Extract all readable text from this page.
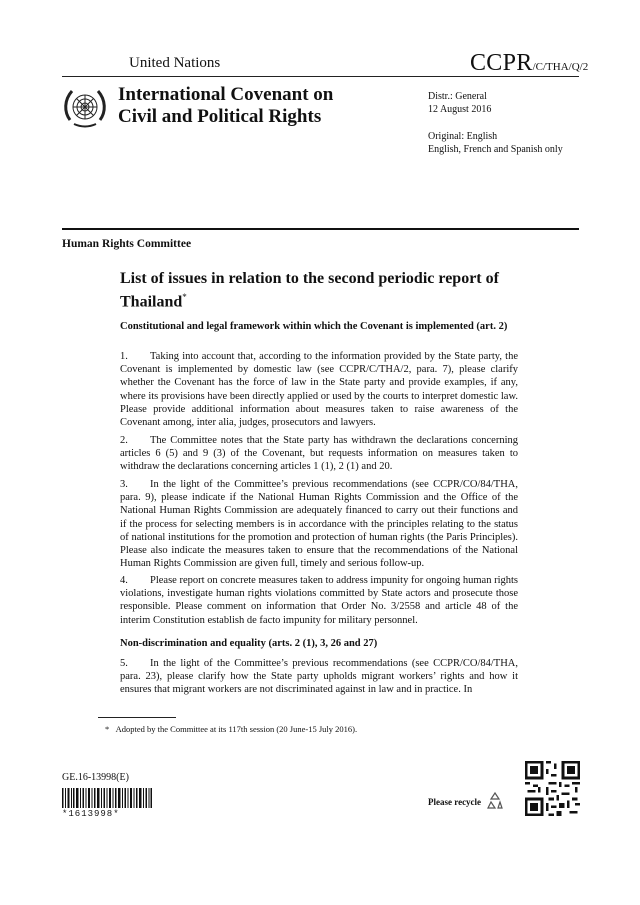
United Nations	CCPR/C/THA/Q/2
International Covenant on
Civil and Political Rights
Distr.: General
12 August 2016
Original: English
English, French and Spanish only
Human Rights Committee
List of issues in relation to the second periodic report of Thailand*
Constitutional and legal framework within which the Covenant is implemented (art. 2)
1. Taking into account that, according to the information provided by the State party, the Covenant is implemented by domestic law (see CCPR/C/THA/2, para. 7), please clarify whether the Covenant has the force of law in the State party and provide examples, if any, where its provisions have been directly applied or used by the courts to interpret domestic law. Please provide additional information about measures taken to raise awareness of the Covenant among, inter alia, judges, prosecutors and lawyers.
2. The Committee notes that the State party has withdrawn the declarations concerning articles 6 (5) and 9 (3) of the Covenant, but requests information on measures taken to withdraw the declarations concerning articles 1 (1), 2 (1) and 20.
3. In the light of the Committee’s previous recommendations (see CCPR/CO/84/THA, para. 9), please indicate if the National Human Rights Commission and the Office of the National Human Rights Commission are adequately financed to carry out their functions and if the process for selecting members is in accordance with the principles relating to the status of national institutions for the promotion and protection of human rights (the Paris Principles). Please also indicate the measures taken to ensure that the recommendations of the National Human Rights Commission are given full, timely and serious follow-up.
4. Please report on concrete measures taken to address impunity for ongoing human rights violations, investigate human rights violations committed by State actors and prosecute those responsible. Please comment on information that Order No. 3/2558 and article 48 of the interim Constitution establish de facto impunity for military personnel.
Non-discrimination and equality (arts. 2 (1), 3, 26 and 27)
5. In the light of the Committee’s previous recommendations (see CCPR/CO/84/THA, para. 23), please clarify how the State party upholds migrant workers’ rights and how it ensures that migrant workers are not discriminated against in law and in practice. In
* Adopted by the Committee at its 117th session (20 June-15 July 2016).
GE.16-13998(E)
*1613998*
Please recycle
